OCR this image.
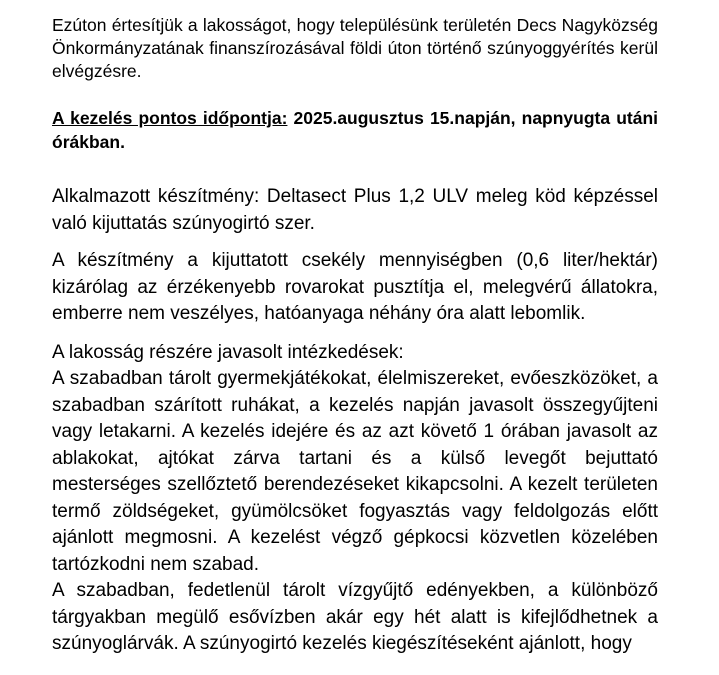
Ezúton értesítjük a lakosságot, hogy településünk területén Decs Nagyközség Önkormányzatának finanszírozásával földi úton történő szúnyoggyérítés kerül elvégzésre.

A kezelés pontos időpontja: 2025.augusztus 15.napján, napnyugta utáni órákban.

Alkalmazott készítmény: Deltasect Plus 1,2 ULV meleg köd képzéssel való kijuttatás szúnyogirtó szer.

A készítmény a kijuttatott csekély mennyiségben (0,6 liter/hektár) kizárólag az érzékenyebb rovarokat pusztítja el, melegvérű állatokra, emberre nem veszélyes, hatóanyaga néhány óra alatt lebomlik.

A lakosság részére javasolt intézkedések:

A szabadban tárolt gyermekjátékokat, élelmiszereket, evőeszközöket, a szabadban szárított ruhákat, a kezelés napján javasolt összegyűjteni vagy letakarni. A kezelés idejére és az azt követő 1 órában javasolt az ablakokat, ajtókat zárva tartani és a külső levegőt bejuttató mesterséges szellőztető berendezéseket kikapcsolni. A kezelt területen termő zöldségeket, gyümölcsöket fogyasztás vagy feldolgozás előtt ajánlott megmosni. A kezelést végző gépkocsi közvetlen közelében tartózkodni nem szabad.

A szabadban, fedetlenül tárolt vízgyűjtő edényekben, a különböző tárgyakban megülő esővízben akár egy hét alatt is kifejlődhetnek a szúnyoglárvák. A szúnyogirtó kezelés kiegészítéseként ajánlott, hogy
